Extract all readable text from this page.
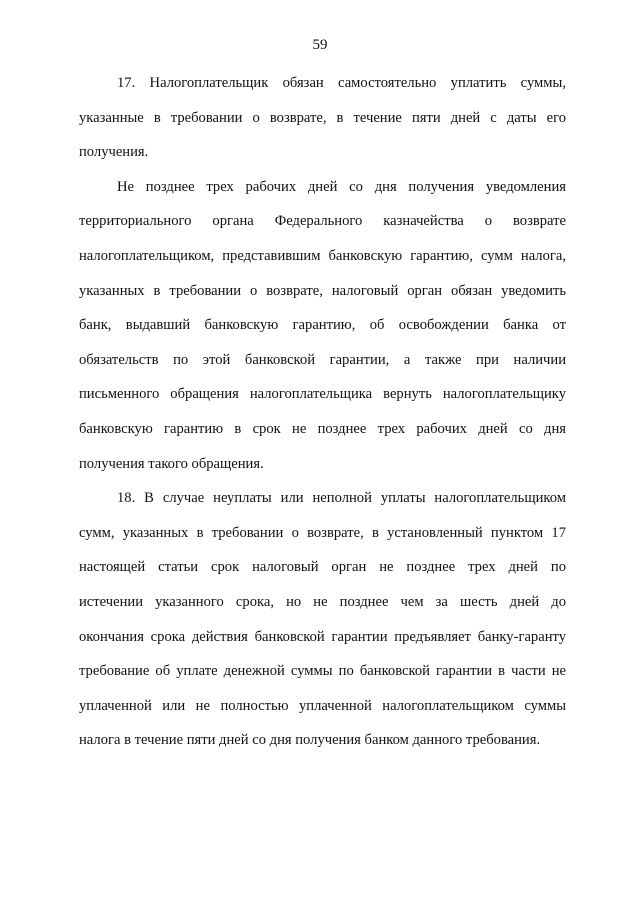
59
17. Налогоплательщик обязан самостоятельно уплатить суммы,
указанные в требовании о возврате, в течение пяти дней с даты его
получения.
Не позднее трех рабочих дней со дня получения уведомления
территориального органа Федерального казначейства о возврате
налогоплательщиком, представившим банковскую гарантию, сумм налога,
указанных в требовании о возврате, налоговый орган обязан уведомить
банк, выдавший банковскую гарантию, об освобождении банка от
обязательств по этой банковской гарантии, а также при наличии
письменного обращения налогоплательщика вернуть налогоплательщику
банковскую гарантию в срок не позднее трех рабочих дней со дня
получения такого обращения.
18. В случае неуплаты или неполной уплаты налогоплательщиком
сумм, указанных в требовании о возврате, в установленный пунктом 17
настоящей статьи срок налоговый орган не позднее трех дней по
истечении указанного срока, но не позднее чем за шесть дней до
окончания срока действия банковской гарантии предъявляет банку-гаранту
требование об уплате денежной суммы по банковской гарантии в части не
уплаченной или не полностью уплаченной налогоплательщиком суммы
налога в течение пяти дней со дня получения банком данного требования.
